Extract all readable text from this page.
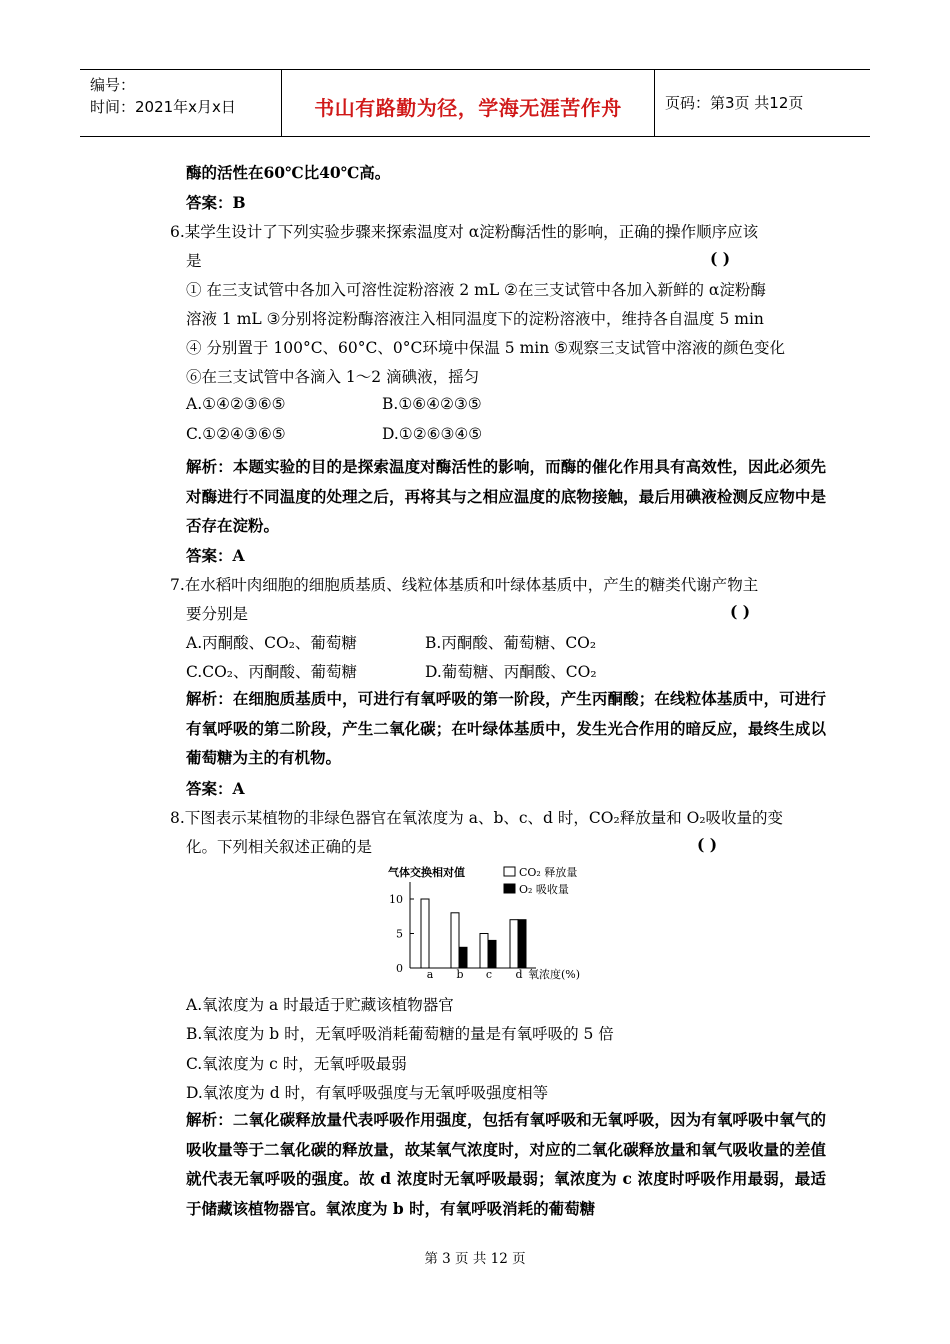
编号：
时间：2021年x月x日	书山有路勤为径，学海无涯苦作舟	页码：第3页 共12页
酶的活性在60℃比40℃高。
答案：B
6.某学生设计了下列实验步骤来探索温度对 α淀粉酶活性的影响，正确的操作顺序应该
是	( )
① 在三支试管中各加入可溶性淀粉溶液 2 mL ②在三支试管中各加入新鲜的 α淀粉酶
溶液 1 mL ③分别将淀粉酶溶液注入相同温度下的淀粉溶液中，维持各自温度 5 min
④ 分别置于 100°C、60°C、0°C环境中保温 5 min ⑤观察三支试管中溶液的颜色变化
⑥在三支试管中各滴入 1～2 滴碘液，摇匀
A.①④②③⑥⑤	B.①⑥④②③⑤
C.①②④③⑥⑤	D.①②⑥③④⑤
解析：本题实验的目的是探索温度对酶活性的影响，而酶的催化作用具有高效性，因此必须先对酶进行不同温度的处理之后，再将其与之相应温度的底物接触，最后用碘液检测反应物中是否存在淀粉。
答案：A
7.在水稻叶肉细胞的细胞质基质、线粒体基质和叶绿体基质中，产生的糖类代谢产物主
要分别是	( )
A.丙酮酸、CO₂、葡萄糖	B.丙酮酸、葡萄糖、CO₂
C.CO₂、丙酮酸、葡萄糖	D.葡萄糖、丙酮酸、CO₂
解析：在细胞质基质中，可进行有氧呼吸的第一阶段，产生丙酮酸；在线粒体基质中，可进行有氧呼吸的第二阶段，产生二氧化碳；在叶绿体基质中，发生光合作用的暗反应，最终生成以葡萄糖为主的有机物。
答案：A
8.下图表示某植物的非绿色器官在氧浓度为 a、b、c、d 时，CO₂释放量和 O₂吸收量的变
化。下列相关叙述正确的是	( )
气体交换相对值	CO₂ 释放量
O₂ 吸收量
0
5
10
a b c d 氧浓度(%)
A.氧浓度为 a 时最适于贮藏该植物器官
B.氧浓度为 b 时，无氧呼吸消耗葡萄糖的量是有氧呼吸的 5 倍
C.氧浓度为 c 时，无氧呼吸最弱
D.氧浓度为 d 时，有氧呼吸强度与无氧呼吸强度相等
解析：二氧化碳释放量代表呼吸作用强度，包括有氧呼吸和无氧呼吸，因为有氧呼吸中氧气的吸收量等于二氧化碳的释放量，故某氧气浓度时，对应的二氧化碳释放量和氧气吸收量的差值就代表无氧呼吸的强度。故 d 浓度时无氧呼吸最弱；氧浓度为 c 浓度时呼吸作用最弱，最适于储藏该植物器官。氧浓度为 b 时，有氧呼吸消耗的葡萄糖
第 3 页 共 12 页
